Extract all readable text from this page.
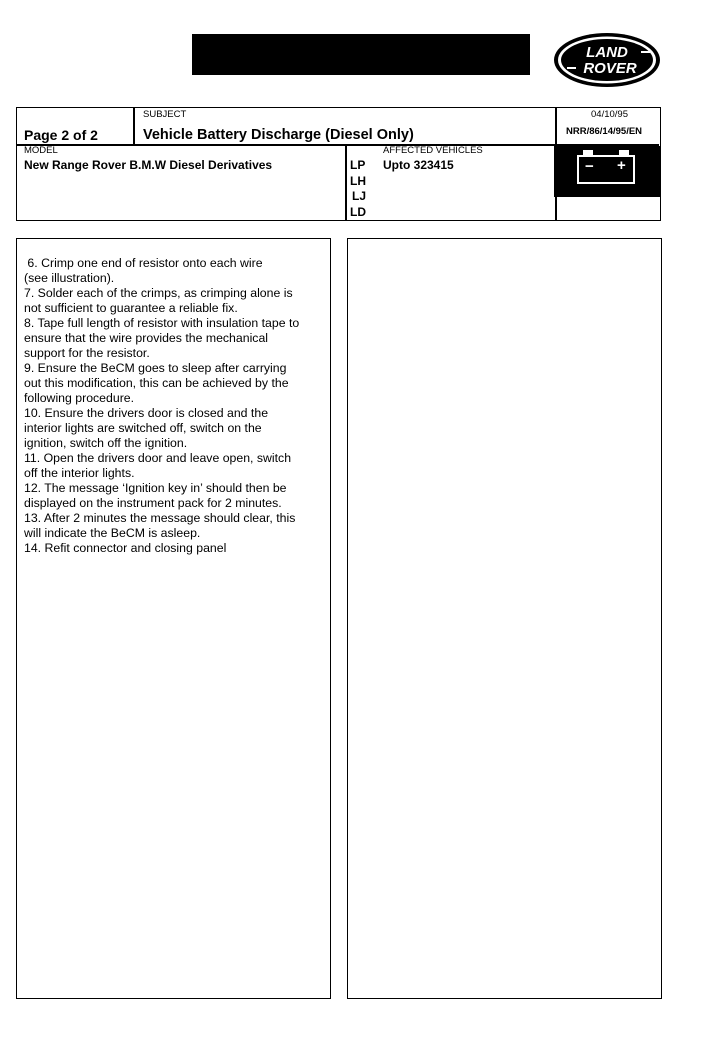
LAND
ROVER
SUBJECT
Page 2 of 2	Vehicle Battery Discharge (Diesel Only)
04/10/95
NRR/86/14/95/EN
MODEL
New Range Rover B.M.W Diesel Derivatives
AFFECTED VEHICLES
LP
LH
LJ
LD
Upto 323415	− +
6. Crimp one end of resistor onto each wire
(see illustration).
7. Solder each of the crimps, as crimping alone is
not sufficient to guarantee a reliable fix.
8. Tape full length of resistor with insulation tape to
ensure that the wire provides the mechanical
support for the resistor.
9. Ensure the BeCM goes to sleep after carrying
out this modification, this can be achieved by the
following procedure.
10. Ensure the drivers door is closed and the
interior lights are switched off, switch on the
ignition, switch off the ignition.
11. Open the drivers door and leave open, switch
off the interior lights.
12. The message ‘Ignition key in’ should then be
displayed on the instrument pack for 2 minutes.
13. After 2 minutes the message should clear, this
will indicate the BeCM is asleep.
14. Refit connector and closing panel
